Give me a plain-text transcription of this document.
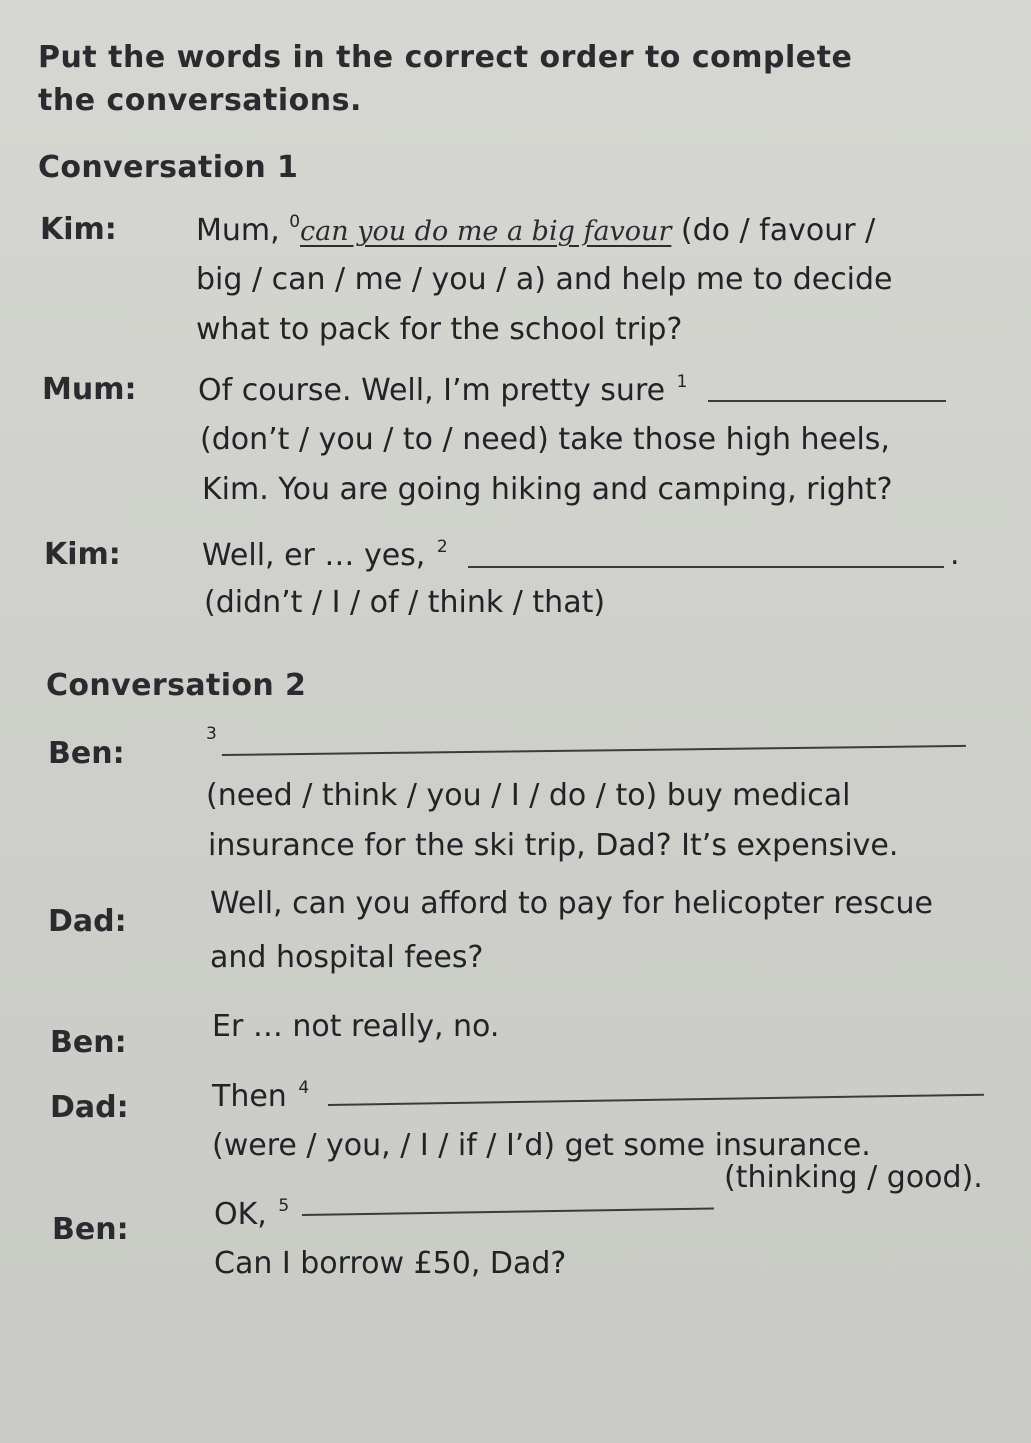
Put the words in the correct order to complete
the conversations.
Conversation 1
Kim:	Mum, $^0$can you do me a big favour (do / favour /
big / can / me / you / a) and help me to decide
what to pack for the school trip?
Mum: Of course. Well, I’m pretty sure $^1$
(don’t / you / to / need) take those high heels,
Kim. You are going hiking and camping, right?
Kim:	Well, er … yes, $^2$	.
(didn’t / I / of / think / that)
Conversation 2
Ben:
$^3$
(need / think / you / I / do / to) buy medical
insurance for the ski trip, Dad? It’s expensive.
Dad:
Well, can you afford to pay for helicopter rescue
and hospital fees?
Ben:	Er … not really, no.
Dad:	Then $^4$
(were / you, / I / if / I’d) get some insurance.
Ben:	OK, $^5$
(thinking / good).
Can I borrow £50, Dad?
